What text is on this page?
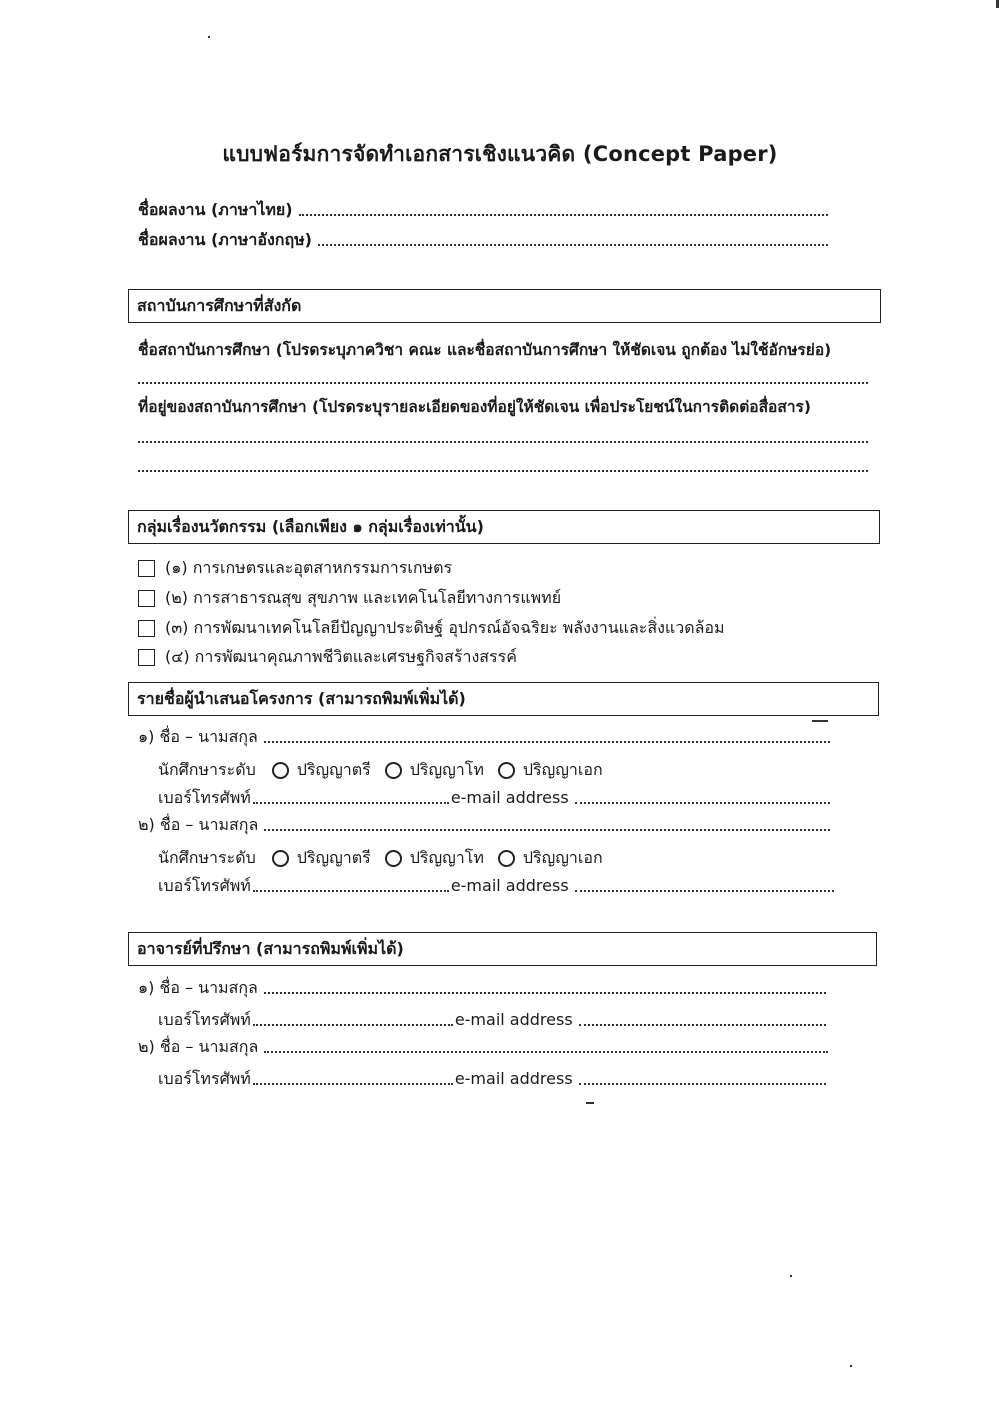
แบบฟอร์มการจัดทำเอกสารเชิงแนวคิด (Concept Paper)
ชื่อผลงาน (ภาษาไทย)
ชื่อผลงาน (ภาษาอังกฤษ)
สถาบันการศึกษาที่สังกัด
ชื่อสถาบันการศึกษา (โปรดระบุภาควิชา คณะ และชื่อสถาบันการศึกษา ให้ชัดเจน ถูกต้อง ไม่ใช้อักษรย่อ)
ที่อยู่ของสถาบันการศึกษา (โปรดระบุรายละเอียดของที่อยู่ให้ชัดเจน เพื่อประโยชน์ในการติดต่อสื่อสาร)
กลุ่มเรื่องนวัตกรรม (เลือกเพียง ๑ กลุ่มเรื่องเท่านั้น)
(๑) การเกษตรและอุตสาหกรรมการเกษตร
(๒) การสาธารณสุข สุขภาพ และเทคโนโลยีทางการแพทย์
(๓) การพัฒนาเทคโนโลยีปัญญาประดิษฐ์ อุปกรณ์อัจฉริยะ พลังงานและสิ่งแวดล้อม
(๔) การพัฒนาคุณภาพชีวิตและเศรษฐกิจสร้างสรรค์
รายชื่อผู้นำเสนอโครงการ (สามารถพิมพ์เพิ่มได้)
๑) ชื่อ – นามสกุล
นักศึกษาระดับ	ปริญญาตรี ปริญญาโท ปริญญาเอก
เบอร์โทรศัพท์	e-mail address
๒) ชื่อ – นามสกุล
นักศึกษาระดับ	ปริญญาตรี ปริญญาโท ปริญญาเอก
เบอร์โทรศัพท์	e-mail address
อาจารย์ที่ปรึกษา (สามารถพิมพ์เพิ่มได้)
๑) ชื่อ – นามสกุล
เบอร์โทรศัพท์	e-mail address
๒) ชื่อ – นามสกุล
เบอร์โทรศัพท์	e-mail address
